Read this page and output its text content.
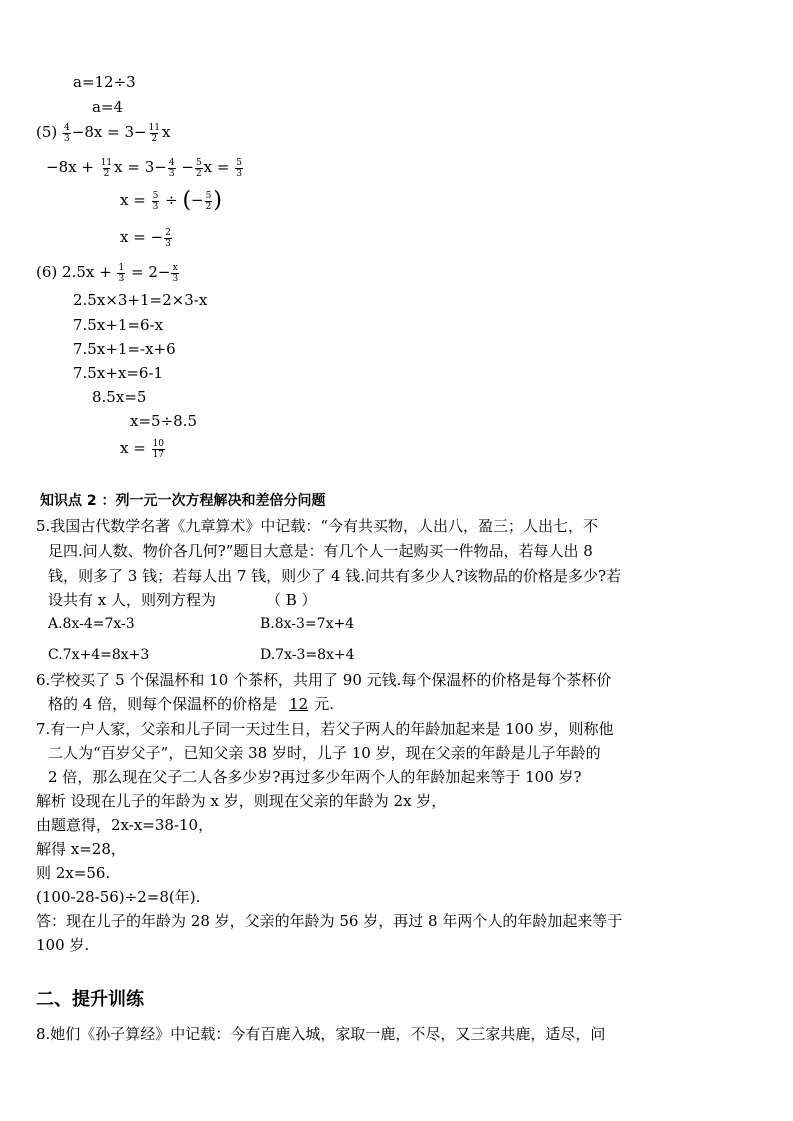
a=12÷3
a=4
$(5) \frac{4}{3} -8x = 3- \frac{11}{2}$ x
$-8x + \frac{11}{2}$ $x = 3- \frac{4}{3} - \frac{5}{2}$ $x = \frac{5}{3}$
$x = \frac{5}{3}$ ÷ (− $\frac{5}{2}$ )
x = − $\frac{2}{3}$
(6) $2.5x + \frac{1}{3} = 2- \frac{x}{3}$
2.5x×3+1=2×3-x
7.5x+1=6-x
7.5x+1=-x+6
7.5x+x=6-1
8.5x=5
x=5÷8.5
$x = \frac{10}{17}$
知识点 2 ：列一元一次方程解决和差倍分问题
5.我国古代数学名著《九章算术》中记载：“今有共买物，人出八，盈三；人出七，不
足四.问人数、物价各几何?”题目大意是：有几个人一起购买一件物品，若每人出 8
钱，则多了 3 钱；若每人出 7 钱，则少了 4 钱.问共有多少人?该物品的价格是多少?若
设共有 x 人，则列方程为	（ B ）
A.8x-4=7x-3	B.8x-3=7x+4
C.7x+4=8x+3	D.7x-3=8x+4
6.学校买了 5 个保温杯和 10 个茶杯，共用了 90 元钱.每个保温杯的价格是每个茶杯价
格的 4 倍，则每个保温杯的价格是 12 元.
7.有一户人家，父亲和儿子同一天过生日，若父子两人的年龄加起来是 100 岁，则称他
二人为“百岁父子”，已知父亲 38 岁时，儿子 10 岁，现在父亲的年龄是儿子年龄的
2 倍，那么现在父子二人各多少岁?再过多少年两个人的年龄加起来等于 100 岁?
解析 设现在儿子的年龄为 x 岁，则现在父亲的年龄为 2x 岁，
由题意得，2x-x=38-10，
解得 x=28，
则 2x=56.
(100-28-56)÷2=8(年).
答：现在儿子的年龄为 28 岁，父亲的年龄为 56 岁，再过 8 年两个人的年龄加起来等于
100 岁.
二、提升训练
8.她们《孙子算经》中记载：今有百鹿入城，家取一鹿，不尽，又三家共鹿，适尽，问
